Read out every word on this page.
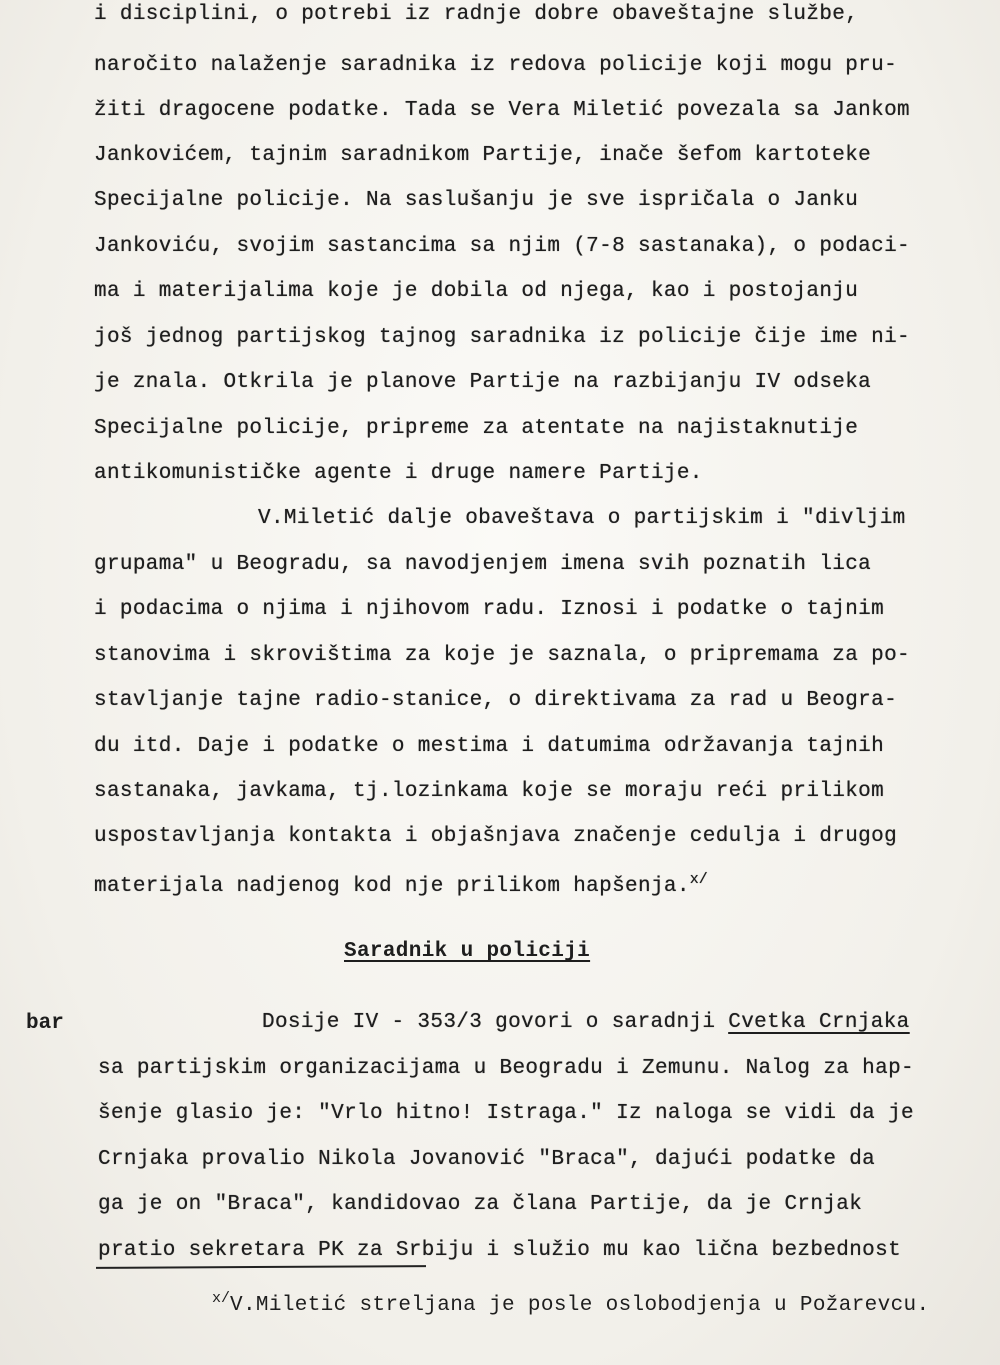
i disciplini, o potrebi iz radnje dobre obaveštajne službe,
naročito nalaženje saradnika iz redova policije koji mogu pru-
žiti dragocene podatke. Tada se Vera Miletić povezala sa Jankom
Jankovićem, tajnim saradnikom Partije, inače šefom kartoteke
Specijalne policije. Na saslušanju je sve ispričala o Janku
Jankoviću, svojim sastancima sa njim (7-8 sastanaka), o podaci-
ma i materijalima koje je dobila od njega, kao i postojanju
još jednog partijskog tajnog saradnika iz policije čije ime ni-
je znala. Otkrila je planove Partije na razbijanju IV odseka
Specijalne policije, pripreme za atentate na najistaknutije
antikomunističke agente i druge namere Partije.
V.Miletić dalje obaveštava o partijskim i "divljim
grupama" u Beogradu, sa navodjenjem imena svih poznatih lica
i podacima o njima i njihovom radu. Iznosi i podatke o tajnim
stanovima i skrovištima za koje je saznala, o pripremama za po-
stavljanje tajne radio-stanice, o direktivama za rad u Beogra-
du itd. Daje i podatke o mestima i datumima održavanja tajnih
sastanaka, javkama, tj.lozinkama koje se moraju reći prilikom
uspostavljanja kontakta i objašnjava značenje cedulja i drugog
materijala nadjenog kod nje prilikom hapšenja.$^{x/}$
Saradnik u policiji
bar	Dosije IV - 353/3 govori o saradnji Cvetka Crnjaka
sa partijskim organizacijama u Beogradu i Zemunu. Nalog za hap-
šenje glasio je: "Vrlo hitno! Istraga." Iz naloga se vidi da je
Crnjaka provalio Nikola Jovanović "Braca", dajući podatke da
ga je on "Braca", kandidovao za člana Partije, da je Crnjak
pratio sekretara PK za Srbiju i služio mu kao lična bezbednost
$^{x/}$V.Miletić streljana je posle oslobodjenja u Požarevcu.
